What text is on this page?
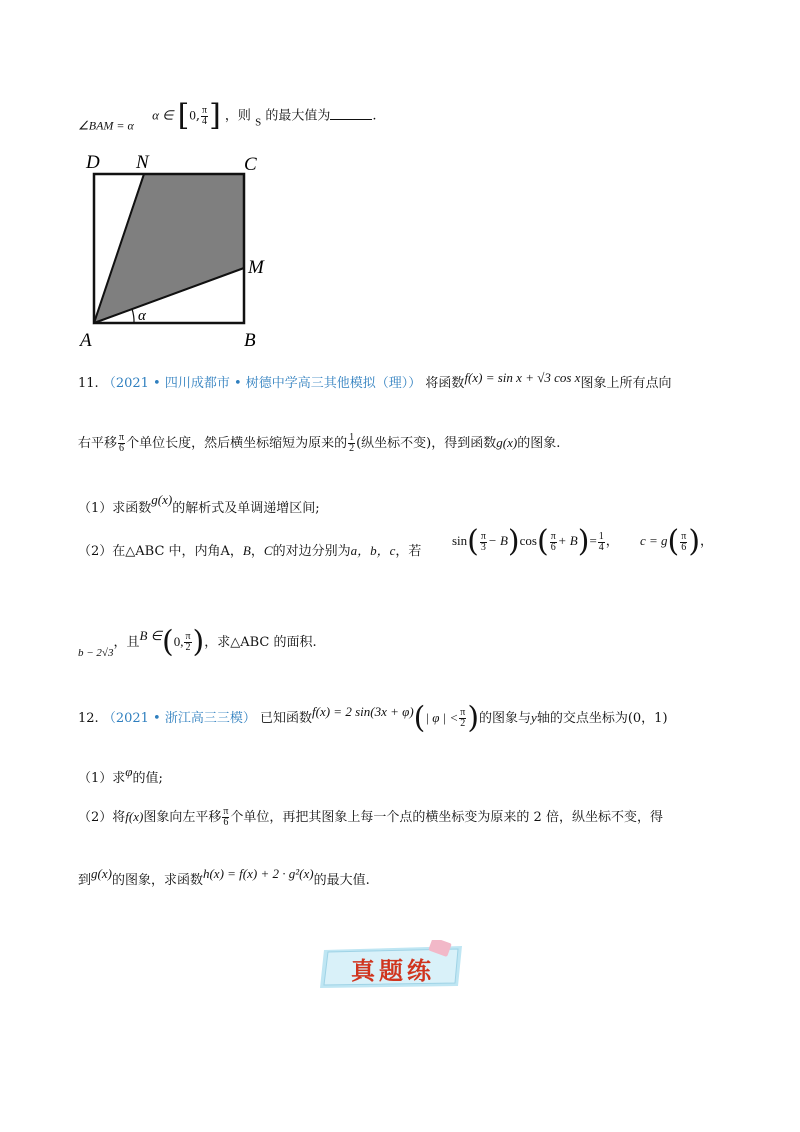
∠BAM = α  α ∈ [0, $\frac{\pi}{4}$ ] ，则 $_S$ 的最大值为	.
D N	C
M
A	B
α
11. （2021 • 四川成都市 • 树德中学高三其他模拟（理）） 将函数f(x) = sin x + √3 cos x图象上所有点向
右平移 $\frac{\pi}{6}$ 个单位长度，然后横坐标缩短为原来的 $\frac{1}{2}$ (纵坐标不变)，得到函数g(x)的图象.
（1）求函数g(x)的解析式及单调递增区间;
（2）在△ABC 中，内角A，B，C的对边分别为a，b，c，若
$\sin( \frac{\pi}{3} - B)\cos( \frac{\pi}{6} + B)= \frac{1}{4}$ ， $c = g( \frac{\pi}{6}$ )，
$_{b - 2√3}$，且B ∈(0, $\frac{\pi}{2}$ )，求△ABC 的面积.
12. （2021 • 浙江高三三模） 已知函数f(x) = 2 sin(3x + φ)(| φ | < $\frac{\pi}{2}$ )的图象与y轴的交点坐标为(0，1)
（1）求φ的值;
（2）将f(x)图象向左平移 $\frac{\pi}{6}$ 个单位，再把其图象上每一个点的横坐标变为原来的 2 倍，纵坐标不变，得
到g(x)的图象，求函数h(x) = f(x) + 2 · g²(x)的最大值.
真题练
